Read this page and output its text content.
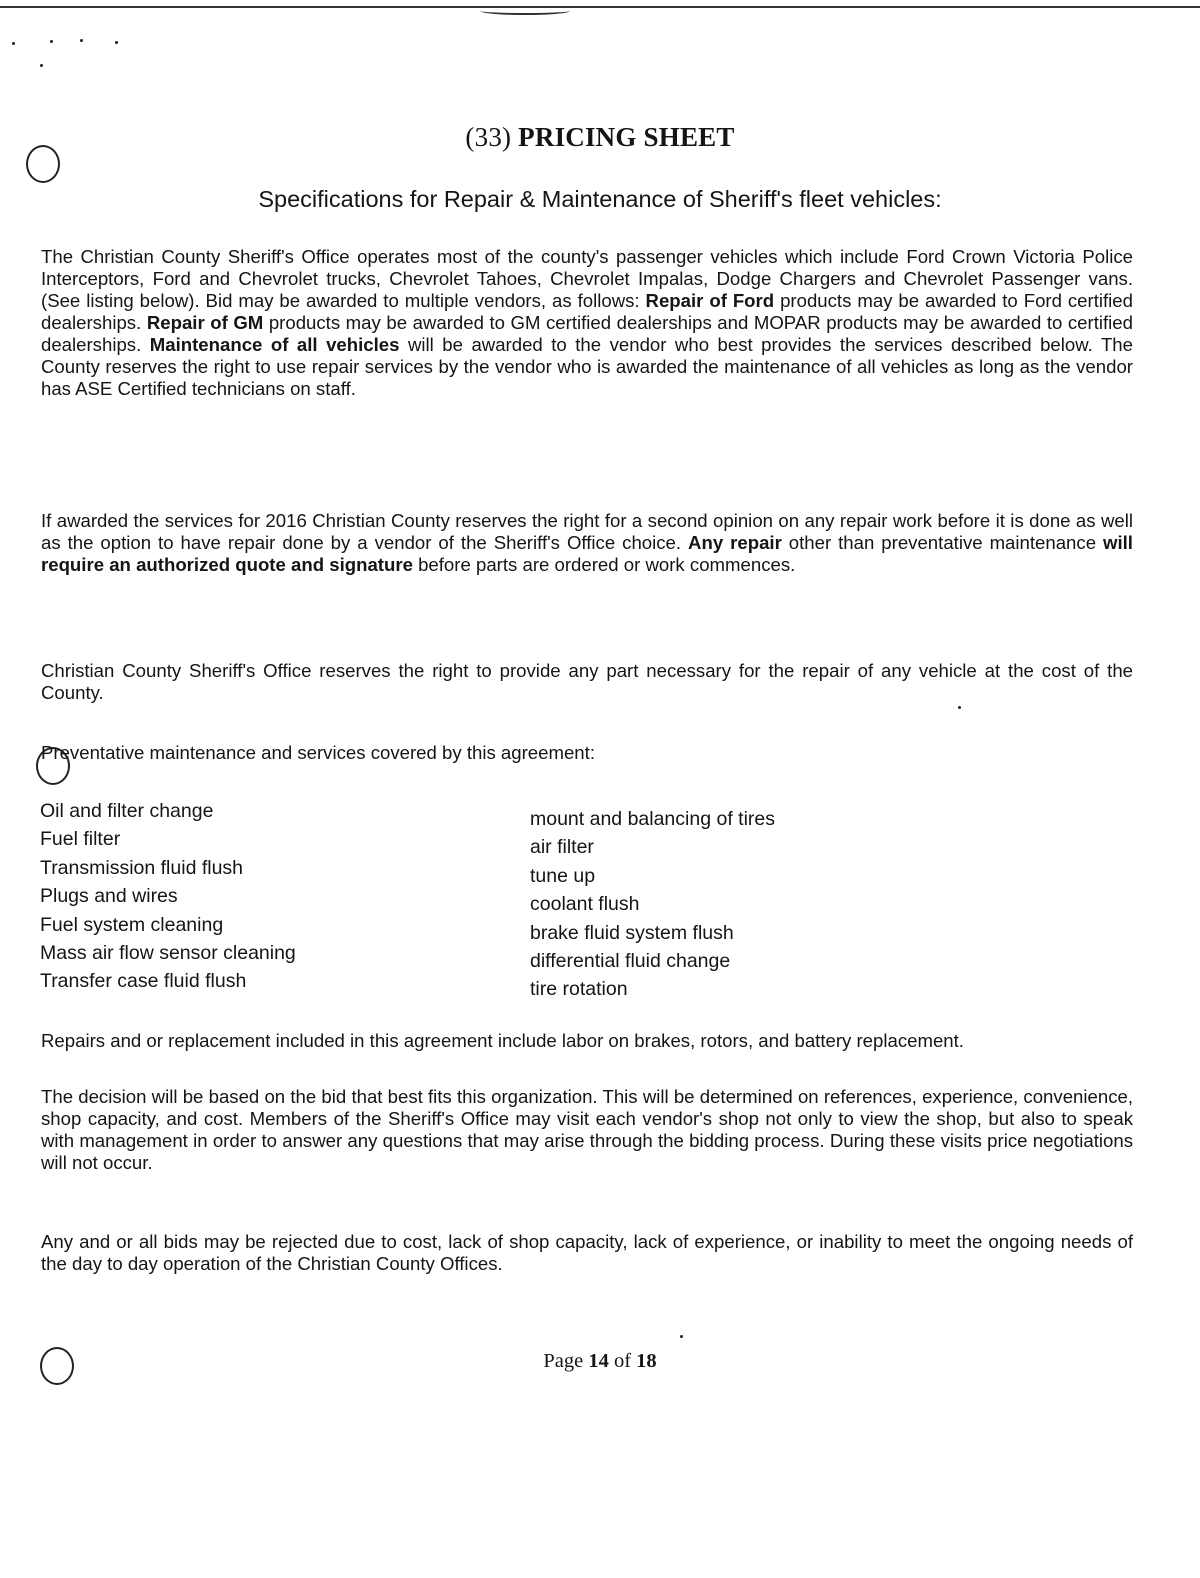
(33) PRICING SHEET
Specifications for Repair & Maintenance of Sheriff's fleet vehicles:

The Christian County Sheriff's Office operates most of the county's passenger vehicles which include Ford Crown Victoria Police Interceptors, Ford and Chevrolet trucks, Chevrolet Tahoes, Chevrolet Impalas, Dodge Chargers and Chevrolet Passenger vans. (See listing below). Bid may be awarded to multiple vendors, as follows: Repair of Ford products may be awarded to Ford certified dealerships. Repair of GM products may be awarded to GM certified dealerships and MOPAR products may be awarded to certified dealerships. Maintenance of all vehicles will be awarded to the vendor who best provides the services described below. The County reserves the right to use repair services by the vendor who is awarded the maintenance of all vehicles as long as the vendor has ASE Certified technicians on staff.

If awarded the services for 2016 Christian County reserves the right for a second opinion on any repair work before it is done as well as the option to have repair done by a vendor of the Sheriff's Office choice. Any repair other than preventative maintenance will require an authorized quote and signature before parts are ordered or work commences.

Christian County Sheriff's Office reserves the right to provide any part necessary for the repair of any vehicle at the cost of the County.

Preventative maintenance and services covered by this agreement:

Oil and filter change
Fuel filter
Transmission fluid flush
Plugs and wires
Fuel system cleaning
Mass air flow sensor cleaning
Transfer case fluid flush
mount and balancing of tires
air filter
tune up
coolant flush
brake fluid system flush
differential fluid change
tire rotation

Repairs and or replacement included in this agreement include labor on brakes, rotors, and battery replacement.

The decision will be based on the bid that best fits this organization. This will be determined on references, experience, convenience, shop capacity, and cost. Members of the Sheriff's Office may visit each vendor's shop not only to view the shop, but also to speak with management in order to answer any questions that may arise through the bidding process. During these visits price negotiations will not occur.

Any and or all bids may be rejected due to cost, lack of shop capacity, lack of experience, or inability to meet the ongoing needs of the day to day operation of the Christian County Offices.

Page 14 of 18
